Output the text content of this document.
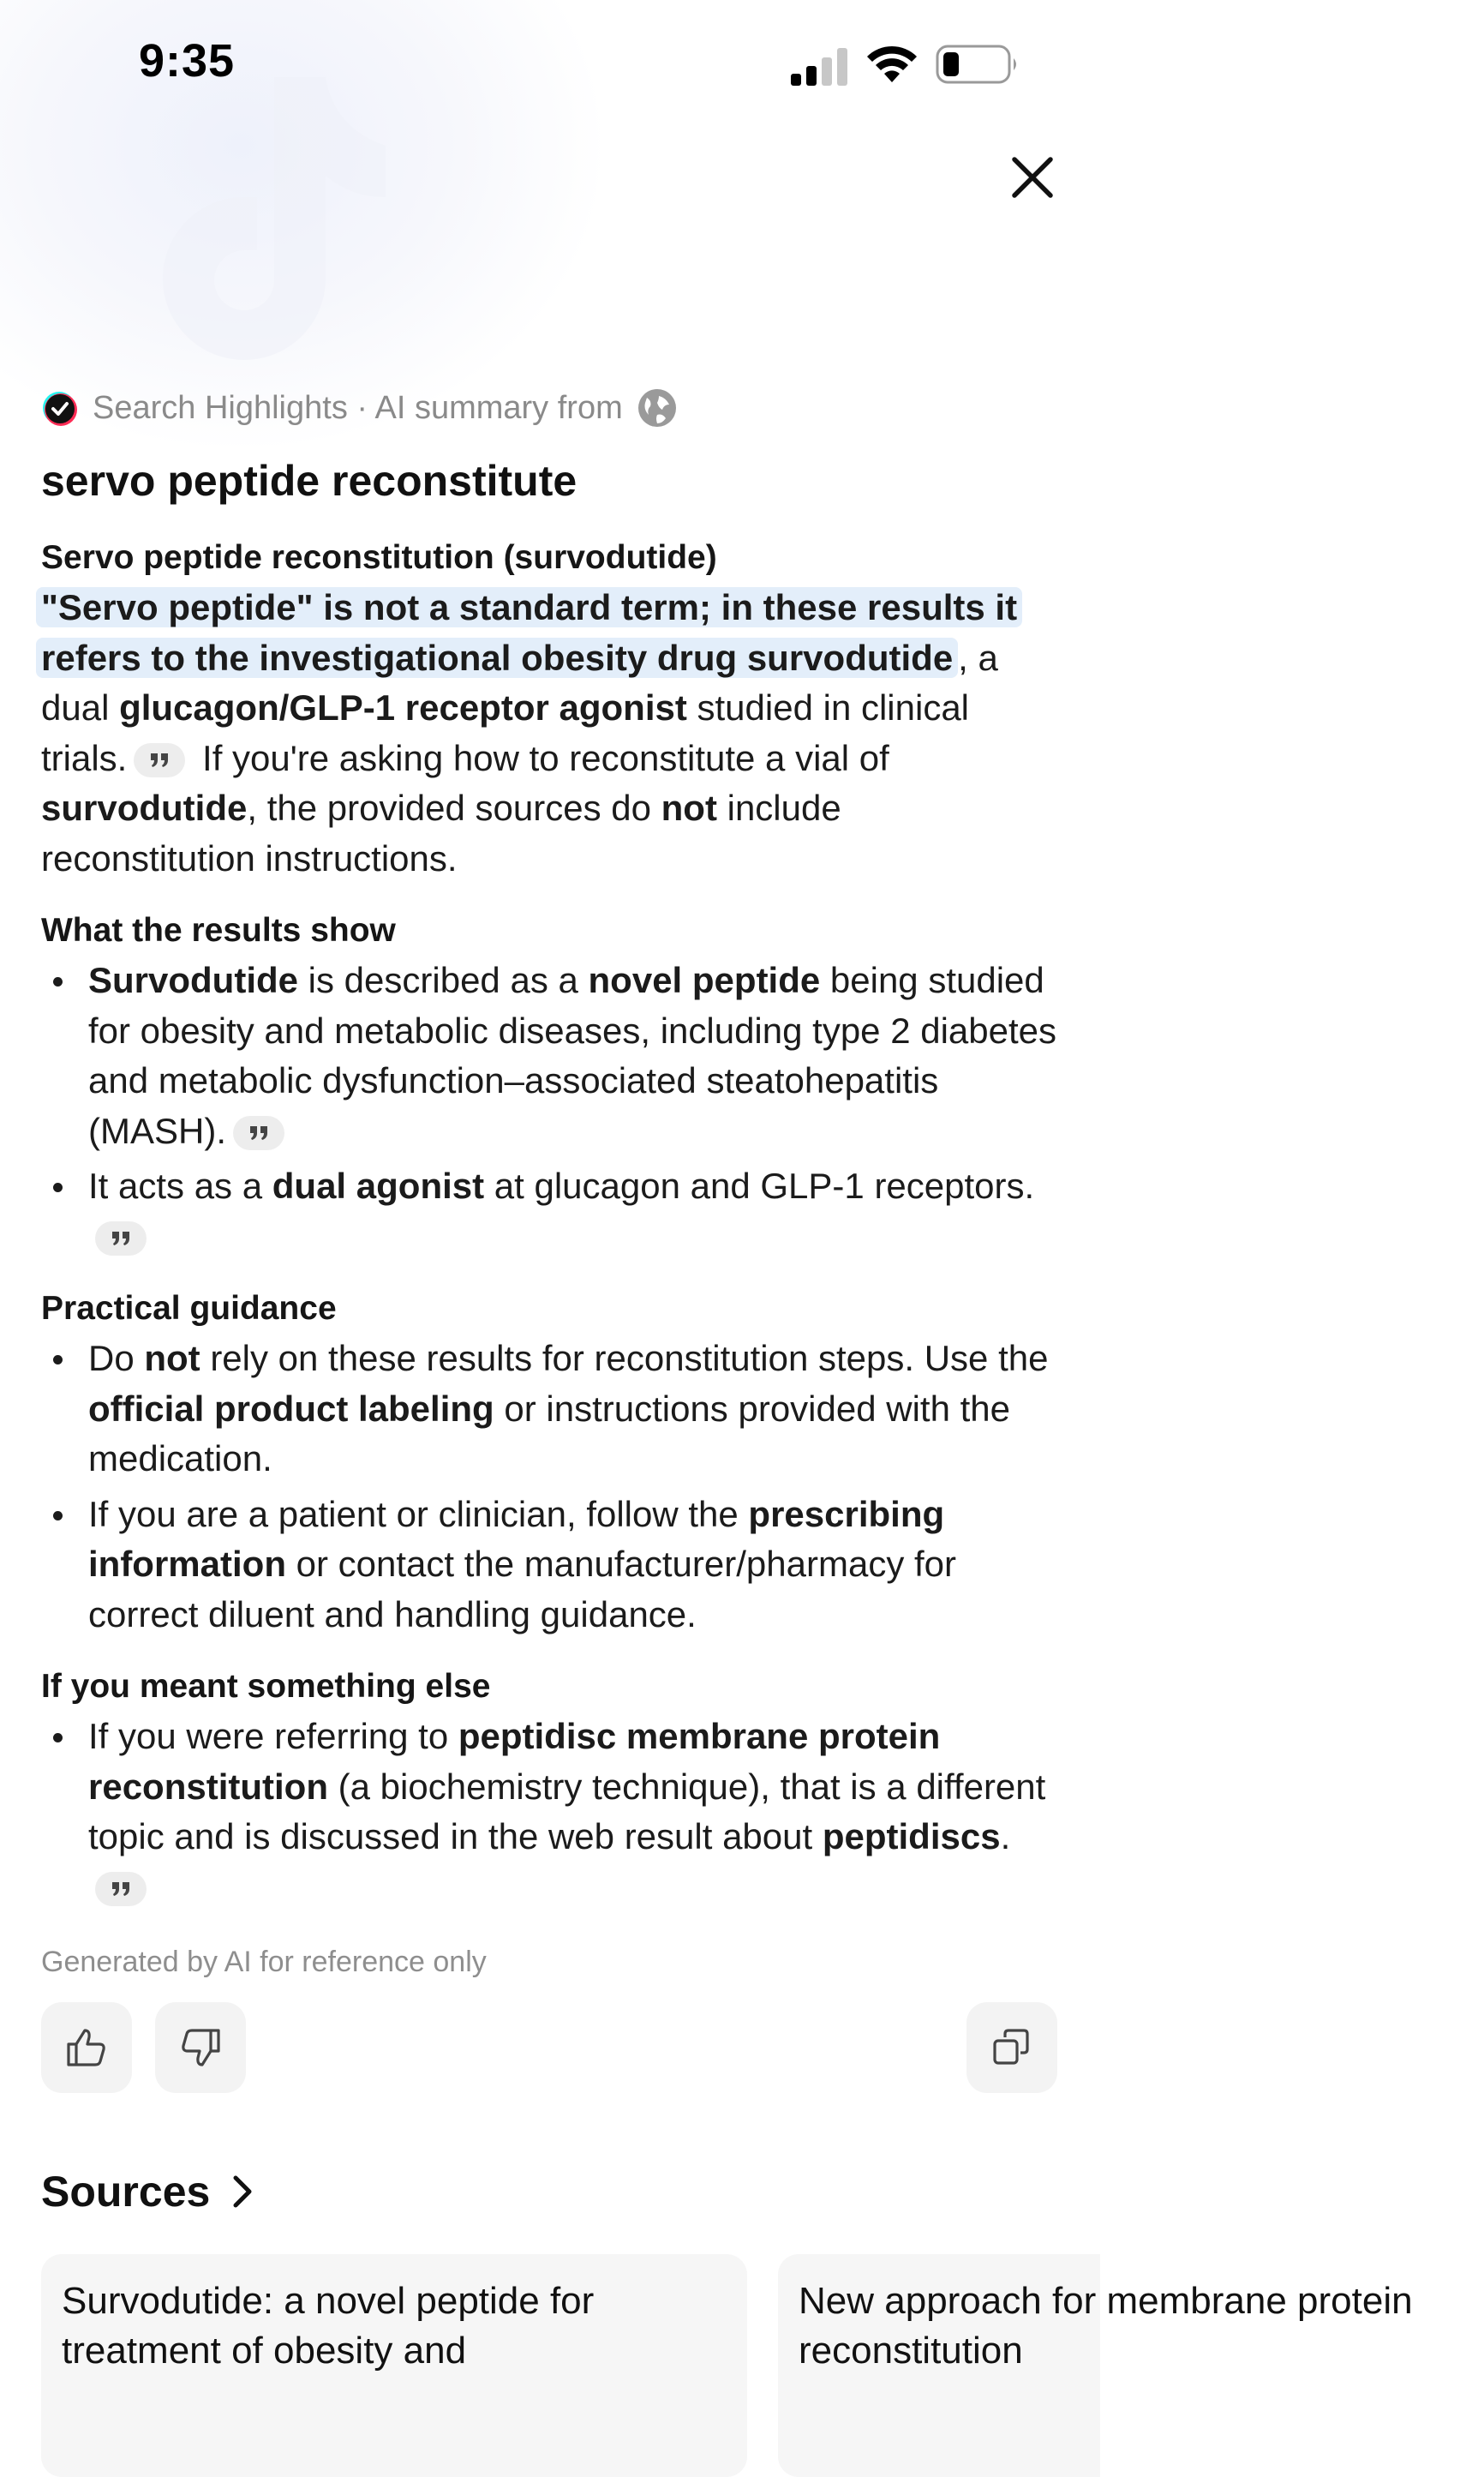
9:35
Search Highlights · AI summary from
servo peptide reconstitute

Servo peptide reconstitution (survodutide)

"Servo peptide" is not a standard term; in these results it refers to the investigational obesity drug survodutide , a dual glucagon/GLP-1 receptor agonist studied in clinical trials.
If you're asking how to reconstitute a vial of survodutide, the provided sources do not include reconstitution instructions.

What the results show

Survodutide is described as a novel peptide being studied for obesity and metabolic diseases, including type 2 diabetes and metabolic dysfunction–associated steatohepatitis (MASH).
It acts as a dual agonist at glucagon and GLP-1 receptors.

Practical guidance

Do not rely on these results for reconstitution steps. Use the official product labeling or instructions provided with the medication.
If you are a patient or clinician, follow the prescribing information or contact the manufacturer/pharmacy for correct diluent and handling guidance.

If you meant something else

If you were referring to peptidisc membrane protein reconstitution (a biochemistry technique), that is a different topic and is discussed in the web result about peptidiscs.
Generated by AI for reference only
Sources
Survodutide: a novel peptide for treatment of obesity and
New approach for membrane protein reconstitution
